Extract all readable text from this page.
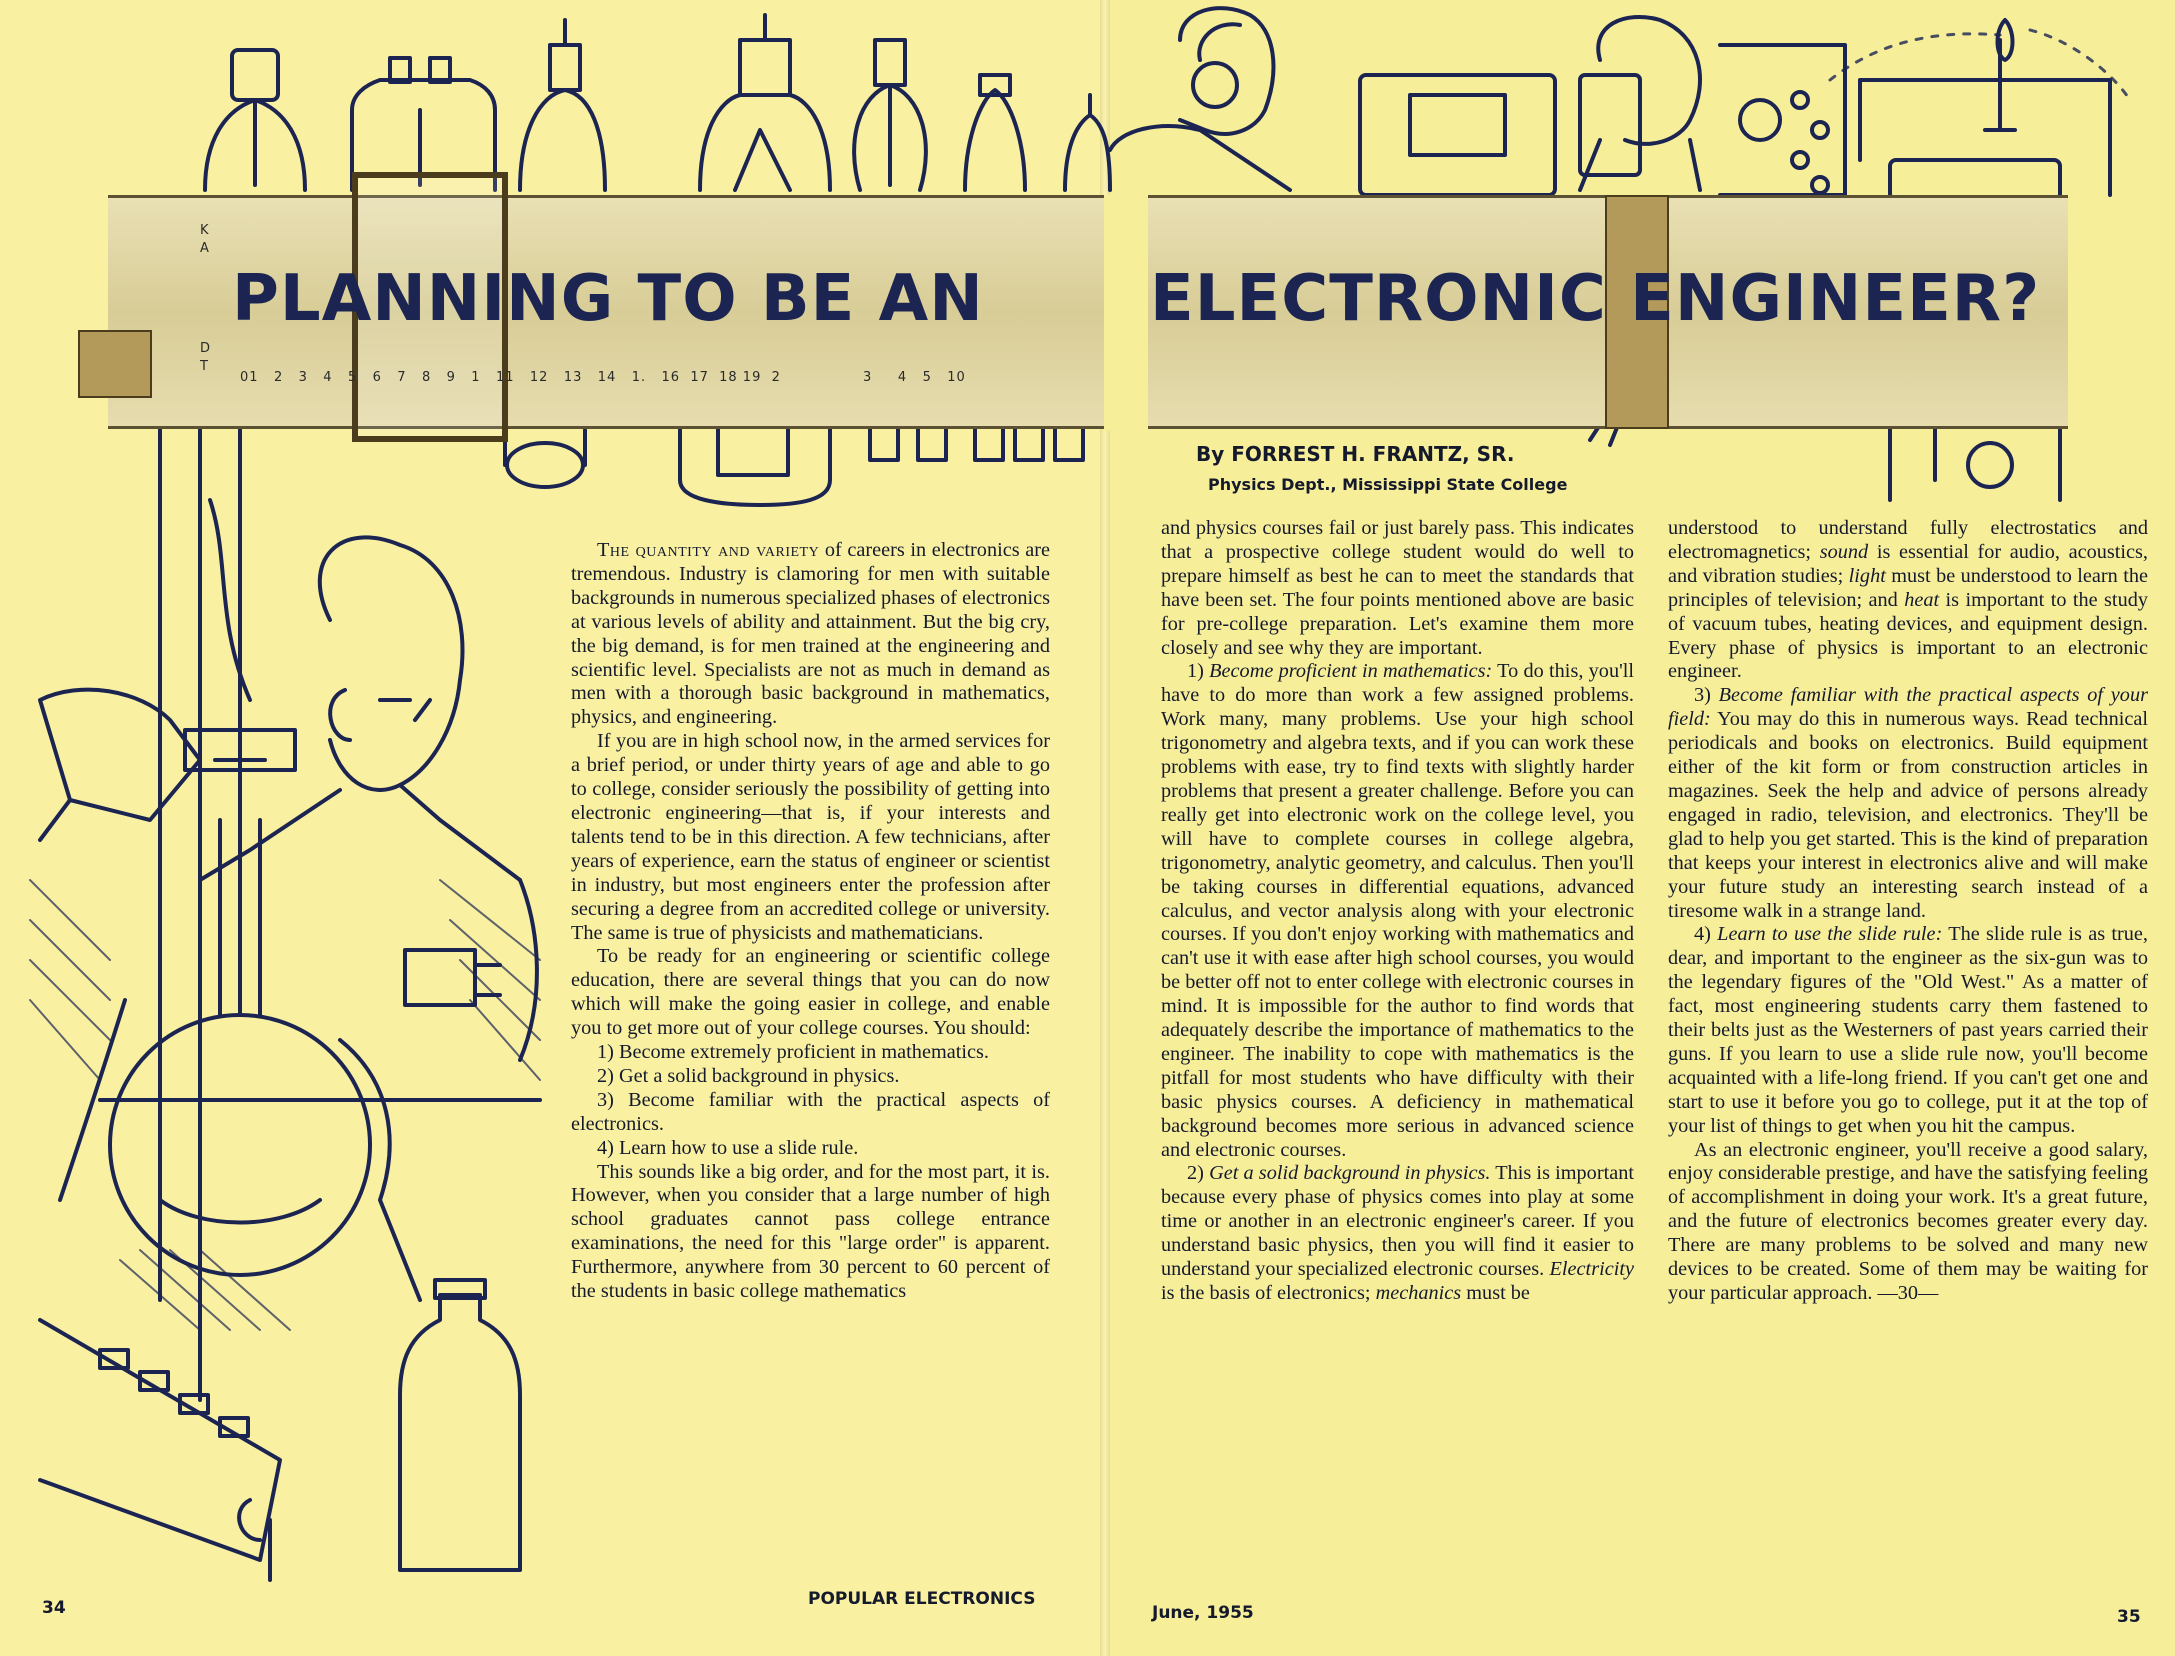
K
A
D
T
01   2   3   4   5   6   7   8   9   1   11   12   13   14   1.   16  17  18 19  2                3     4   5   10
PLANNING TO BE AN	ELECTRONIC ENGINEER?

By FORREST H. FRANTZ, SR.

Physics Dept., Mississippi State College

The quantity and variety of careers in electronics are tremendous. Industry is clamoring for men with suitable backgrounds in numerous specialized phases of electronics at various levels of ability and attainment. But the big cry, the big demand, is for men trained at the engineering and scientific level. Specialists are not as much in demand as men with a thorough basic background in mathematics, physics, and engineering.

If you are in high school now, in the armed services for a brief period, or under thirty years of age and able to go to college, consider seriously the possibility of getting into electronic engineering—that is, if your interests and talents tend to be in this direction. A few technicians, after years of experience, earn the status of engineer or scientist in industry, but most engineers enter the profession after securing a degree from an accredited college or university. The same is true of physicists and mathematicians.

To be ready for an engineering or scientific college education, there are several things that you can do now which will make the going easier in college, and enable you to get more out of your college courses. You should:

1) Become extremely proficient in mathematics.

2) Get a solid background in physics.

3) Become familiar with the practical aspects of electronics.

4) Learn how to use a slide rule.

This sounds like a big order, and for the most part, it is. However, when you consider that a large number of high school graduates cannot pass college entrance examinations, the need for this "large order" is apparent. Furthermore, anywhere from 30 percent to 60 percent of the students in basic college mathematics

and physics courses fail or just barely pass. This indicates that a prospective college student would do well to prepare himself as best he can to meet the standards that have been set. The four points mentioned above are basic for pre-college preparation. Let's examine them more closely and see why they are important.

1) Become proficient in mathematics: To do this, you'll have to do more than work a few assigned problems. Work many, many problems. Use your high school trigonometry and algebra texts, and if you can work these problems with ease, try to find texts with slightly harder problems that present a greater challenge. Before you can really get into electronic work on the college level, you will have to complete courses in college algebra, trigonometry, analytic geometry, and calculus. Then you'll be taking courses in differential equations, advanced calculus, and vector analysis along with your electronic courses. If you don't enjoy working with mathematics and can't use it with ease after high school courses, you would be better off not to enter college with electronic courses in mind. It is impossible for the author to find words that adequately describe the importance of mathematics to the engineer. The inability to cope with mathematics is the pitfall for most students who have difficulty with their basic physics courses. A deficiency in mathematical background becomes more serious in advanced science and electronic courses.

2) Get a solid background in physics. This is important because every phase of physics comes into play at some time or another in an electronic engineer's career. If you understand basic physics, then you will find it easier to understand your specialized electronic courses. Electricity is the basis of electronics; mechanics must be

understood to understand fully electrostatics and electromagnetics; sound is essential for audio, acoustics, and vibration studies; light must be understood to learn the principles of television; and heat is important to the study of vacuum tubes, heating devices, and equipment design. Every phase of physics is important to an electronic engineer.

3) Become familiar with the practical aspects of your field: You may do this in numerous ways. Read technical periodicals and books on electronics. Build equipment either of the kit form or from construction articles in magazines. Seek the help and advice of persons already engaged in radio, television, and electronics. They'll be glad to help you get started. This is the kind of preparation that keeps your interest in electronics alive and will make your future study an interesting search instead of a tiresome walk in a strange land.

4) Learn to use the slide rule: The slide rule is as true, dear, and important to the engineer as the six-gun was to the legendary figures of the "Old West." As a matter of fact, most engineering students carry them fastened to their belts just as the Westerners of past years carried their guns. If you learn to use a slide rule now, you'll become acquainted with a life-long friend. If you can't get one and start to use it before you go to college, put it at the top of your list of things to get when you hit the campus.

As an electronic engineer, you'll receive a good salary, enjoy considerable prestige, and have the satisfying feeling of accomplishment in doing your work. It's a great future, and the future of electronics becomes greater every day. There are many problems to be solved and many new devices to be created. Some of them may be waiting for your particular approach. —30—

34	POPULAR ELECTRONICS
June, 1955	35
